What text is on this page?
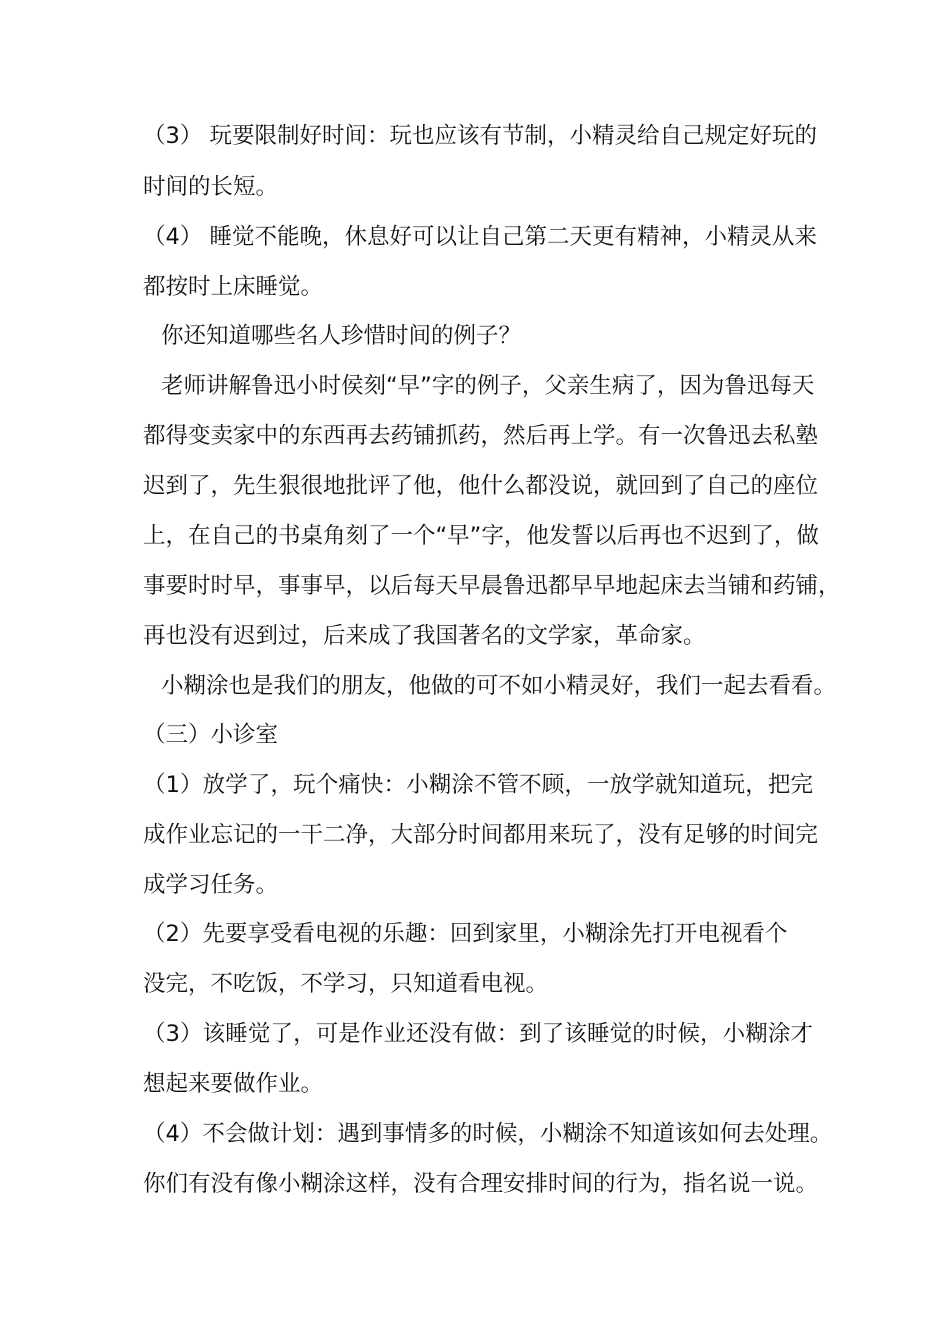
（3） 玩要限制好时间：玩也应该有节制，小精灵给自己规定好玩的

时间的长短。

（4） 睡觉不能晚，休息好可以让自己第二天更有精神，小精灵从来

都按时上床睡觉。

你还知道哪些名人珍惜时间的例子？

老师讲解鲁迅小时侯刻“早”字的例子，父亲生病了，因为鲁迅每天

都得变卖家中的东西再去药铺抓药，然后再上学。有一次鲁迅去私塾

迟到了，先生狠很地批评了他，他什么都没说，就回到了自己的座位

上，在自己的书桌角刻了一个“早”字，他发誓以后再也不迟到了，做

事要时时早，事事早，以后每天早晨鲁迅都早早地起床去当铺和药铺，

再也没有迟到过，后来成了我国著名的文学家，革命家。

小糊涂也是我们的朋友，他做的可不如小精灵好，我们一起去看看。

（三）小诊室

（1）放学了，玩个痛快：小糊涂不管不顾，一放学就知道玩，把完

成作业忘记的一干二净，大部分时间都用来玩了，没有足够的时间完

成学习任务。

（2）先要享受看电视的乐趣：回到家里，小糊涂先打开电视看个

没完，不吃饭，不学习，只知道看电视。

（3）该睡觉了，可是作业还没有做：到了该睡觉的时候，小糊涂才

想起来要做作业。

（4）不会做计划：遇到事情多的时候，小糊涂不知道该如何去处理。

你们有没有像小糊涂这样，没有合理安排时间的行为，指名说一说。
